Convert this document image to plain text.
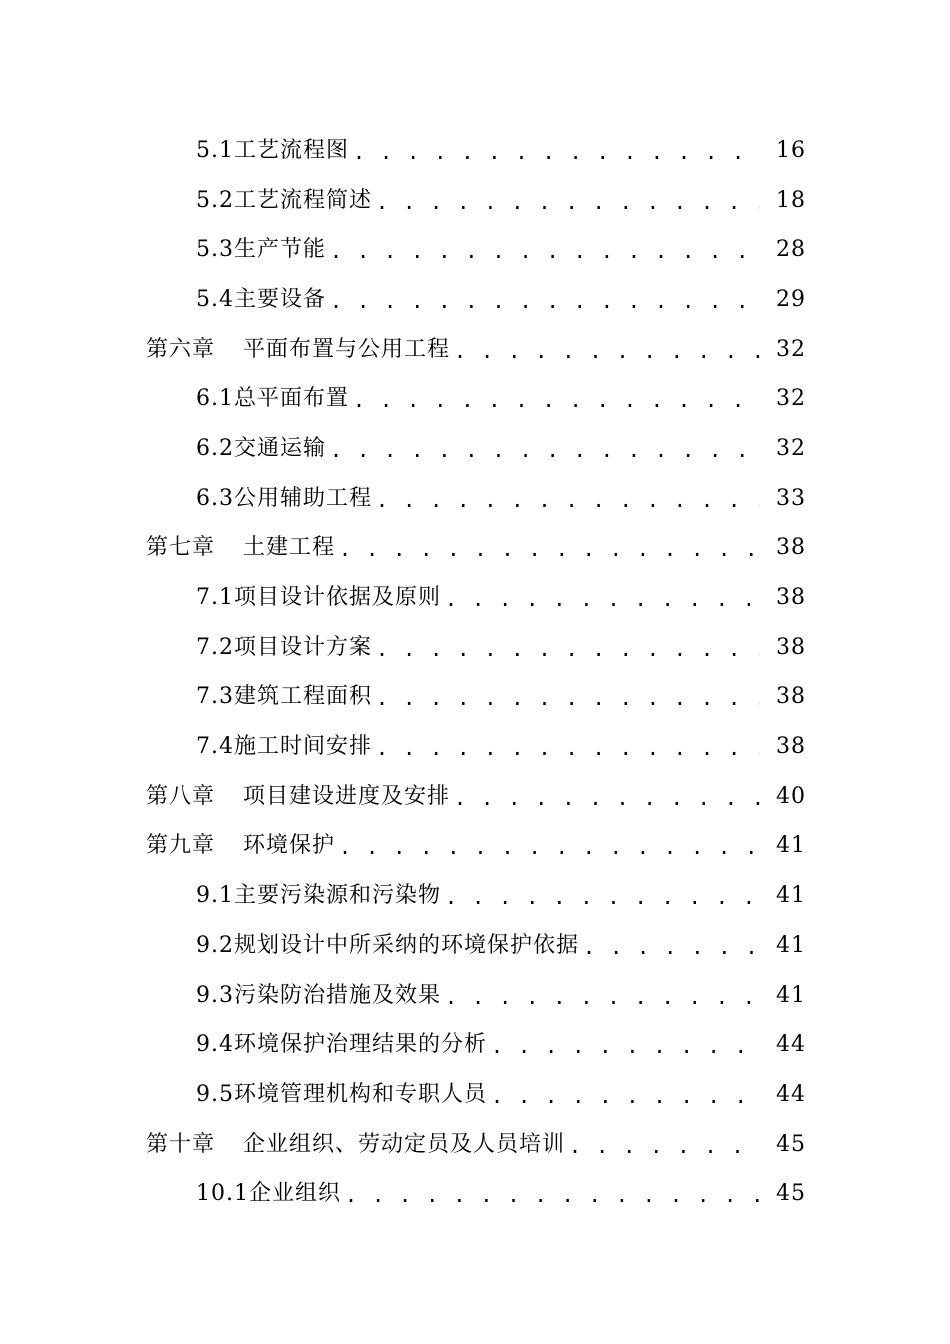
5.1工艺流程图 . . .	16
5.2工艺流程简述 . . .	18
5.3生产节能 . . .	28
5.4主要设备 . . .	29
第六章 平面布置与公用工程 . . .	32
6.1总平面布置 . . .	32
6.2交通运输 . . .	32
6.3公用辅助工程 . . .	33
第七章 土建工程 . . .	38
7.1项目设计依据及原则 . . .	38
7.2项目设计方案 . . .	38
7.3建筑工程面积 . . .	38
7.4施工时间安排 . . .	38
第八章 项目建设进度及安排 . . .	40
第九章 环境保护 . . .	41
9.1主要污染源和污染物 . . .	41
9.2规划设计中所采纳的环境保护依据 . . .	41
9.3污染防治措施及效果 . . .	41
9.4环境保护治理结果的分析 . . .	44
9.5环境管理机构和专职人员 . . .	44
第十章 企业组织、劳动定员及人员培训 . . .	45
10.1企业组织 . . .	45
